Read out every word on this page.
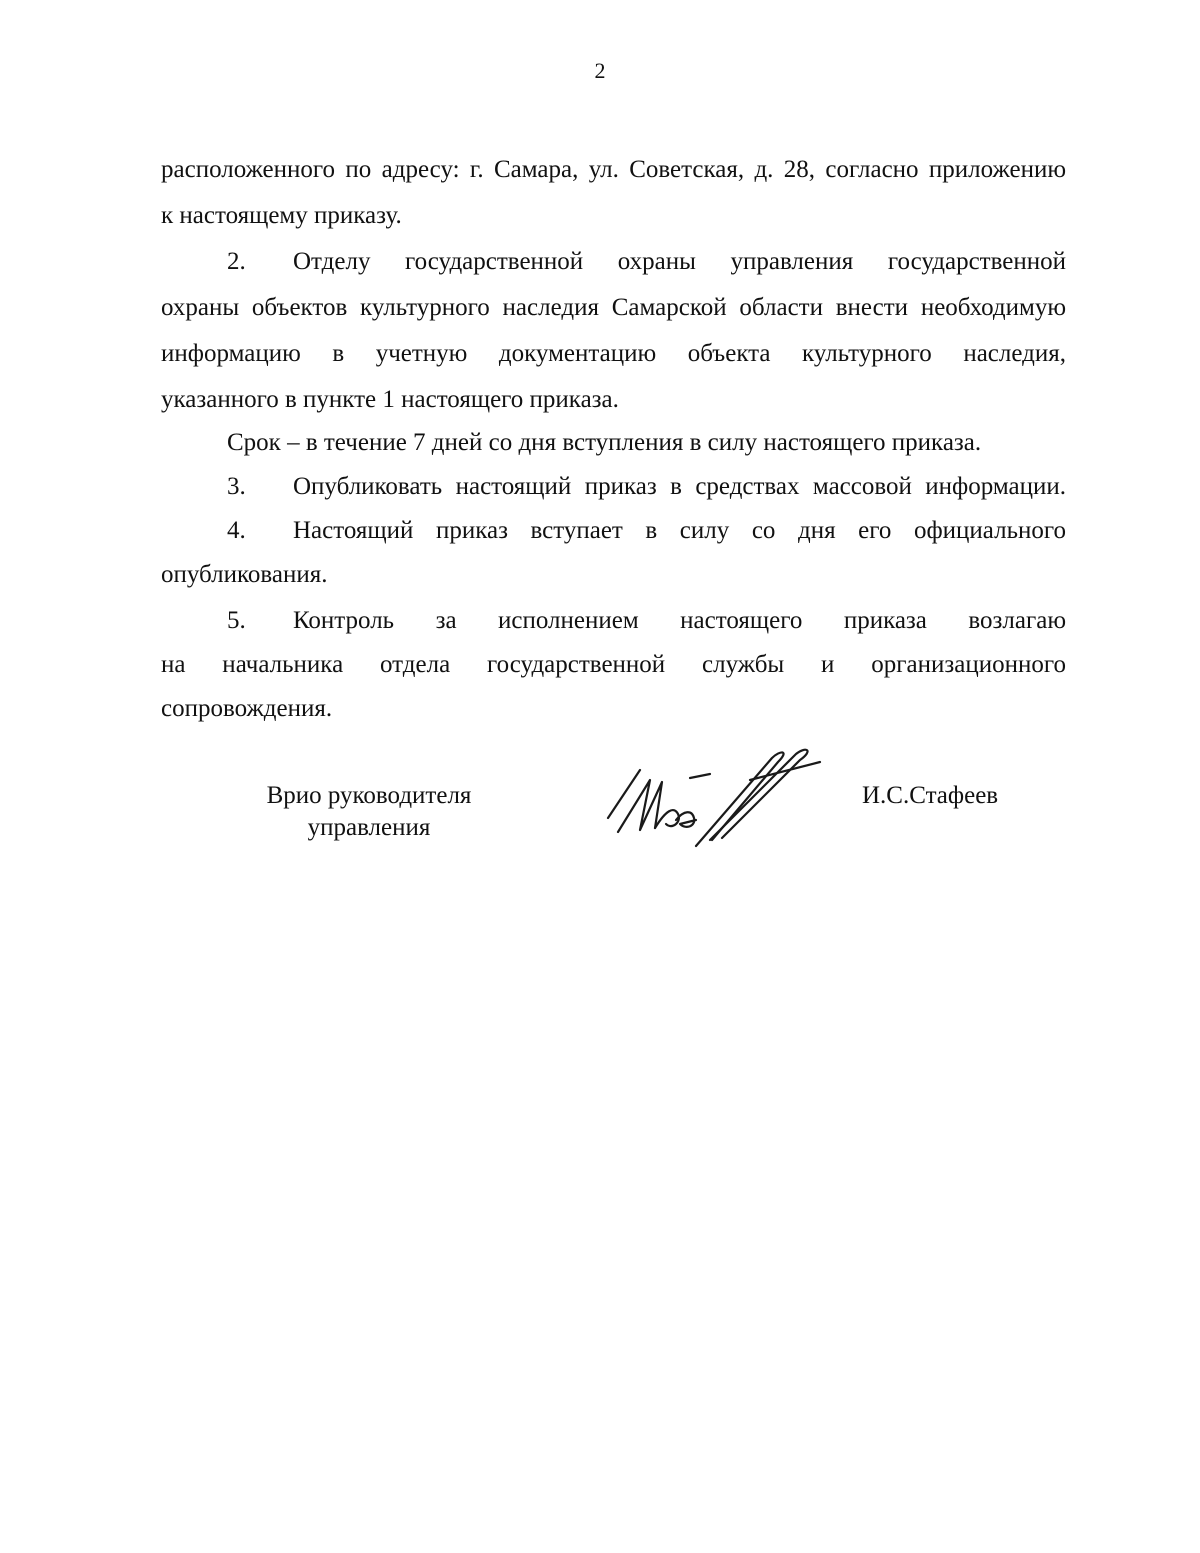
2
расположенного по адресу: г. Самара, ул. Советская, д. 28, согласно приложению
к настоящему приказу.
2. Отделу государственной охраны управления государственной
охраны объектов культурного наследия Самарской области внести необходимую
информацию в учетную документацию объекта культурного наследия,
указанного в пункте 1 настоящего приказа.
Срок – в течение 7 дней со дня вступления в силу настоящего приказа.
3. Опубликовать настоящий приказ в средствах массовой информации.
4. Настоящий приказ вступает в силу со дня его официального
опубликования.
5. Контроль за исполнением настоящего приказа возлагаю
на начальника отдела государственной службы и организационного
сопровождения.
Врио руководителя
управления
И.С.Стафеев
